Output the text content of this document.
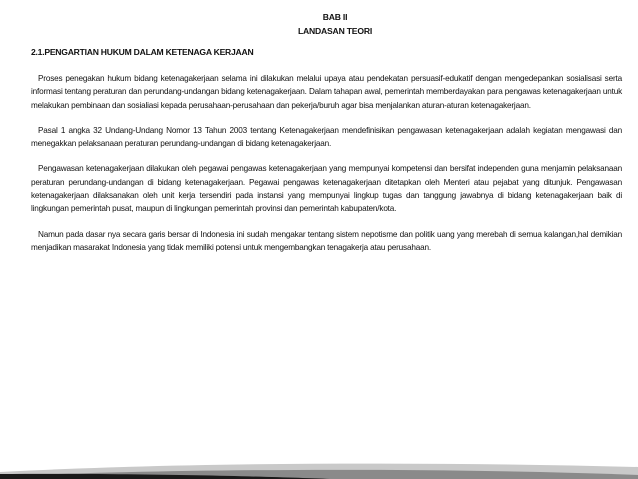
BAB II
LANDASAN TEORI
2.1.PENGARTIAN HUKUM DALAM KETENAGA KERJAAN

Proses penegakan hukum bidang ketenagakerjaan selama ini dilakukan melalui upaya atau pendekatan persuasif-edukatif dengan mengedepankan sosialisasi serta informasi tentang peraturan dan perundang-undangan bidang ketenagakerjaan. Dalam tahapan awal, pemerintah memberdayakan para pengawas ketenagakerjaan untuk melakukan pembinaan dan sosialiasi kepada perusahaan-perusahaan dan pekerja/buruh agar bisa menjalankan aturan-aturan ketenagakerjaan.

Pasal 1 angka 32 Undang-Undang Nomor 13 Tahun 2003 tentang Ketenagakerjaan mendefinisikan pengawasan ketenagakerjaan adalah kegiatan mengawasi dan menegakkan pelaksanaan peraturan perundang-undangan di bidang ketenagakerjaan.

Pengawasan ketenagakerjaan dilakukan oleh pegawai pengawas ketenagakerjaan yang mempunyai kompetensi dan bersifat independen guna menjamin pelaksanaan peraturan perundang-undangan di bidang ketenagakerjaan. Pegawai pengawas ketenagakerjaan ditetapkan oleh Menteri atau pejabat yang ditunjuk. Pengawasan ketenagakerjaan dilaksanakan oleh unit kerja tersendiri pada instansi yang mempunyai lingkup tugas dan tanggung jawabnya di bidang ketenagakerjaan baik di lingkungan pemerintah pusat, maupun di lingkungan pemerintah provinsi dan pemerintah kabupaten/kota.

Namun pada dasar nya secara garis bersar di Indonesia ini sudah mengakar tentang sistem nepotisme dan politik uang yang merebah di semua kalangan,hal demikian menjadikan masarakat Indonesia yang tidak memiliki potensi untuk mengembangkan tenagakerja atau perusahaan.
